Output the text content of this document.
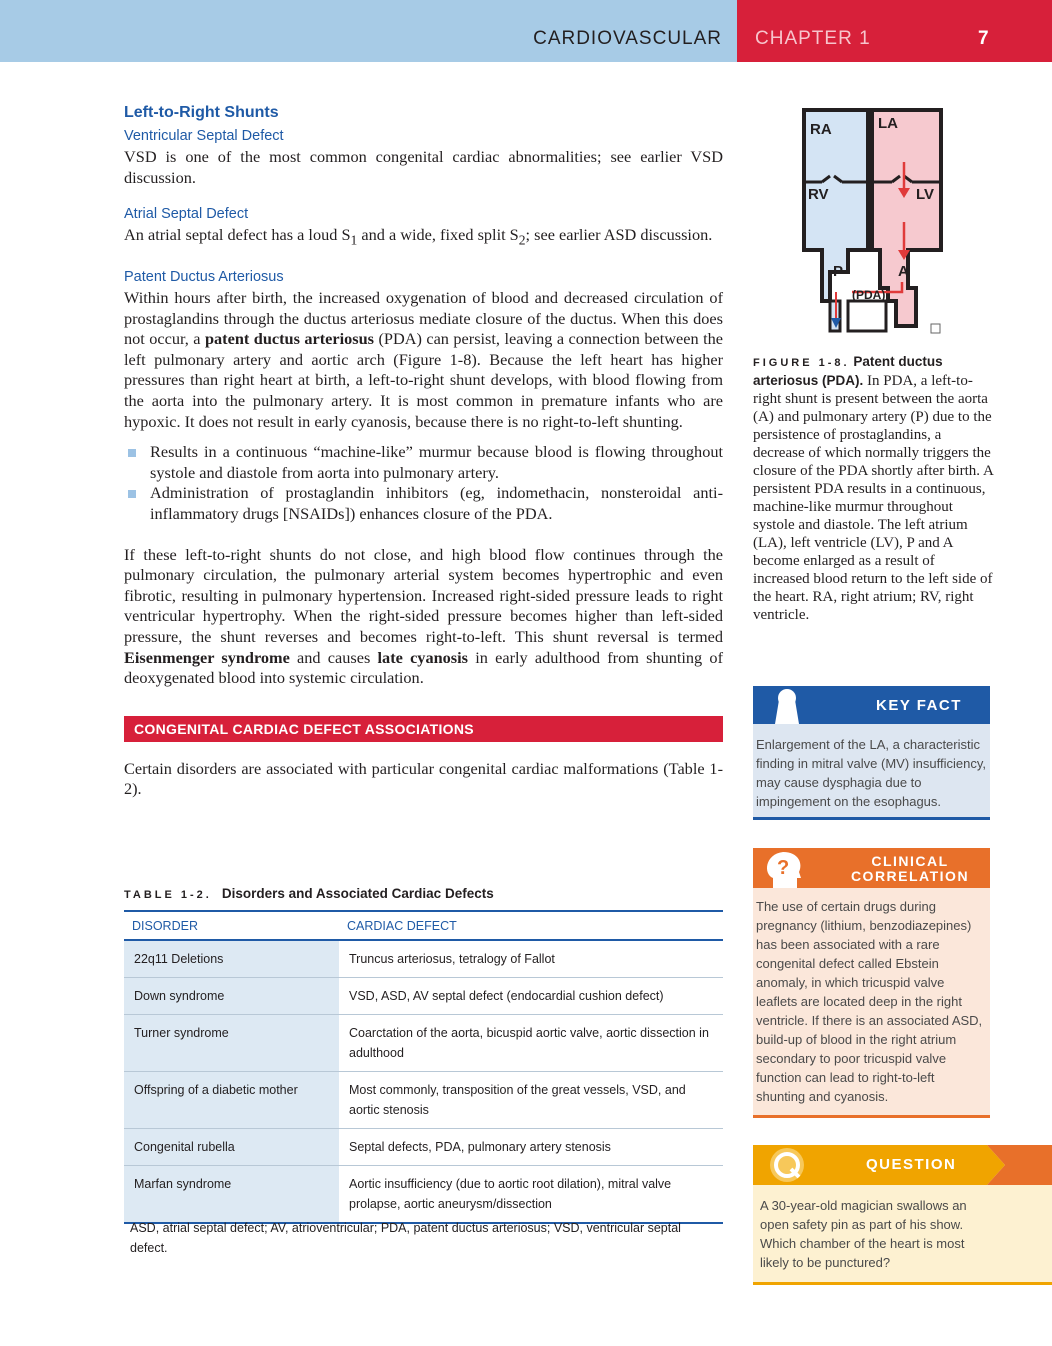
CARDIOVASCULAR CHAPTER 1	7
Left-to-Right Shunts
Ventricular Septal Defect

VSD is one of the most common congenital cardiac abnormalities; see earlier VSD discussion.

Atrial Septal Defect

An atrial septal defect has a loud $S_1$ and a wide, fixed split $S_2$; see earlier ASD discussion.

Patent Ductus Arteriosus

Within hours after birth, the increased oxygenation of blood and decreased circulation of prostaglandins through the ductus arteriosus mediate closure of the ductus. When this does not occur, a patent ductus arteriosus (PDA) can persist, leaving a connection between the left pulmonary artery and aortic arch (Figure 1-8). Because the left heart has higher pressures than right heart at birth, a left-to-right shunt develops, with blood flowing from the aorta into the pulmonary artery. It is most common in premature infants who are hypoxic. It does not result in early cyanosis, because there is no right-to-left shunting.

Results in a continuous “machine-like” murmur because blood is flowing throughout systole and diastole from aorta into pulmonary artery.
Administration of prostaglandin inhibitors (eg, indomethacin, nonsteroidal anti-inflammatory drugs [NSAIDs]) enhances closure of the PDA.

If these left-to-right shunts do not close, and high blood flow continues through the pulmonary circulation, the pulmonary arterial system becomes hypertrophic and even fibrotic, resulting in pulmonary hypertension. Increased right-sided pressure leads to right ventricular hypertrophy. When the right-sided pressure becomes higher than left-sided pressure, the shunt reverses and becomes right-to-left. This shunt reversal is termed Eisenmenger syndrome and causes late cyanosis in early adulthood from shunting of deoxygenated blood into systemic circulation.

CONGENITAL CARDIAC DEFECT ASSOCIATIONS

Certain disorders are associated with particular congenital cardiac malformations (Table 1-2).

TABLE 1-2. Disorders and Associated Cardiac Defects
DISORDER	CARDIAC DEFECT
22q11 Deletions	Truncus arteriosus, tetralogy of Fallot
Down syndrome	VSD, ASD, AV septal defect (endocardial cushion defect)
Turner syndrome	Coarctation of the aorta, bicuspid aortic valve, aortic dissection in adulthood
Offspring of a diabetic mother	Most commonly, transposition of the great vessels, VSD, and aortic stenosis
Congenital rubella	Septal defects, PDA, pulmonary artery stenosis
Marfan syndrome	Aortic insufficiency (due to aortic root dilation), mitral valve prolapse, aortic aneurysm/dissection
ASD, atrial septal defect; AV, atrioventricular; PDA, patent ductus arteriosus; VSD, ventricular septal defect.
RA	LA
RV	LV
P	A
(PDA)
FIGURE 1-8. Patent ductus arteriosus (PDA). In PDA, a left-to-right shunt is present between the aorta (A) and pulmonary artery (P) due to the persistence of prostaglandins, a decrease of which normally triggers the closure of the PDA shortly after birth. A persistent PDA results in a continuous, machine-like murmur throughout systole and diastole. The left atrium (LA), left ventricle (LV), P and A become enlarged as a result of increased blood return to the left side of the heart. RA, right atrium; RV, right ventricle.
KEY FACT
Enlargement of the LA, a characteristic finding in mitral valve (MV) insufficiency, may cause dysphagia due to impingement on the esophagus.
?	CLINICAL
CORRELATION
The use of certain drugs during pregnancy (lithium, benzodiazepines) has been associated with a rare congenital defect called Ebstein anomaly, in which tricuspid valve leaflets are located deep in the right ventricle. If there is an associated ASD, build-up of blood in the right atrium secondary to poor tricuspid valve function can lead to right-to-left shunting and cyanosis.
QUESTION
A 30-year-old magician swallows an open safety pin as part of his show. Which chamber of the heart is most likely to be punctured?
